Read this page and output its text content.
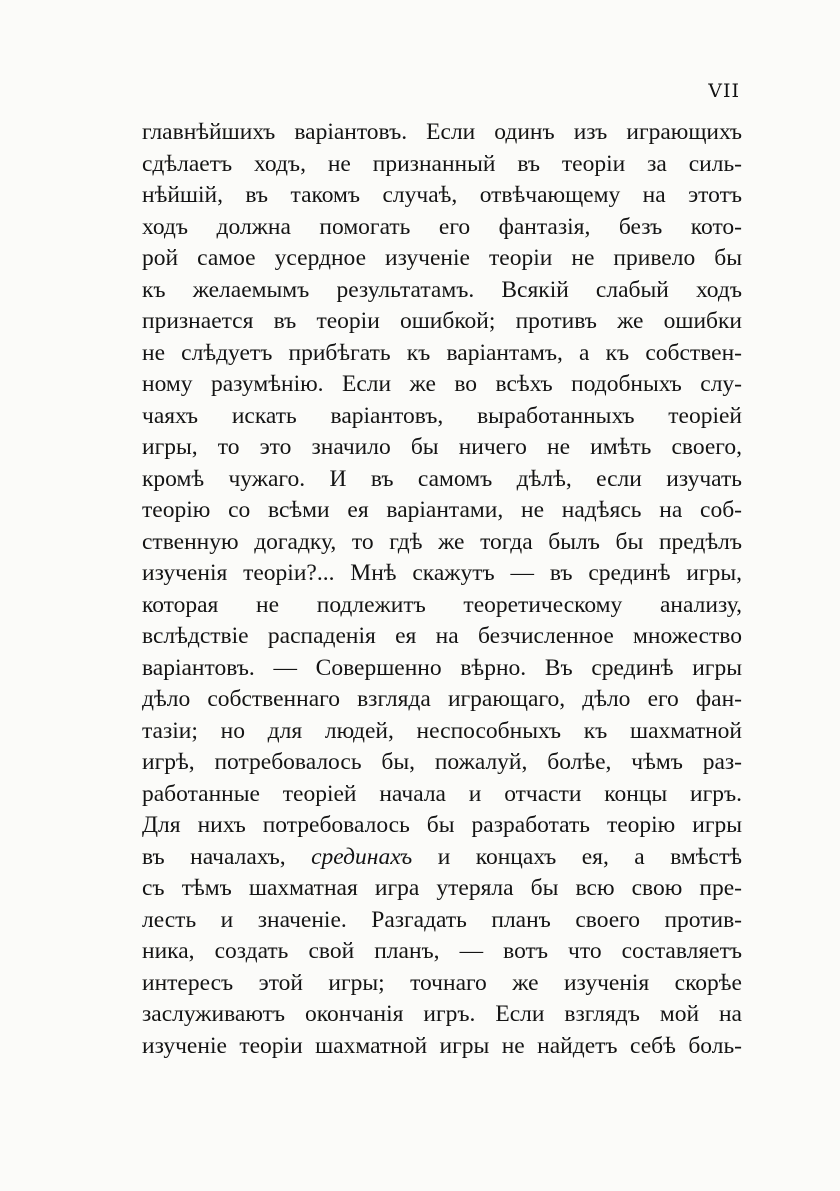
VII
главнѣйшихъ варіантовъ. Если одинъ изъ играющихъ
сдѣлаетъ ходъ, не признанный въ теоріи за силь-
нѣйшій, въ такомъ случаѣ, отвѣчающему на этотъ
ходъ должна помогать его фантазія, безъ кото-
рой самое усердное изученіе теоріи не привело бы
къ желаемымъ результатамъ. Всякій слабый ходъ
признается въ теоріи ошибкой; противъ же ошибки
не слѣдуетъ прибѣгать къ варіантамъ, а къ собствен-
ному разумѣнію. Если же во всѣхъ подобныхъ слу-
чаяхъ искать варіантовъ, выработанныхъ теоріей
игры, то это значило бы ничего не имѣть своего,
кромѣ чужаго. И въ самомъ дѣлѣ, если изучать
теорію со всѣми ея варіантами, не надѣясь на соб-
ственную догадку, то гдѣ же тогда былъ бы предѣлъ
изученія теоріи?... Мнѣ скажутъ — въ срединѣ игры,
которая не подлежитъ теоретическому анализу,
вслѣдствіе распаденія ея на безчисленное множество
варіантовъ. — Совершенно вѣрно. Въ срединѣ игры
дѣло собственнаго взгляда играющаго, дѣло его фан-
тазіи; но для людей, неспособныхъ къ шахматной
игрѣ, потребовалось бы, пожалуй, болѣе, чѣмъ раз-
работанные теоріей начала и отчасти концы игръ.
Для нихъ потребовалось бы разработать теорію игры
въ началахъ, срединахъ и концахъ ея, а вмѣстѣ
съ тѣмъ шахматная игра утеряла бы всю свою пре-
лесть и значеніе. Разгадать планъ своего против-
ника, создать свой планъ, — вотъ что составляетъ
интересъ этой игры; точнаго же изученія скорѣе
заслуживаютъ окончанія игръ. Если взглядъ мой на
изученіе теоріи шахматной игры не найдетъ себѣ боль-
